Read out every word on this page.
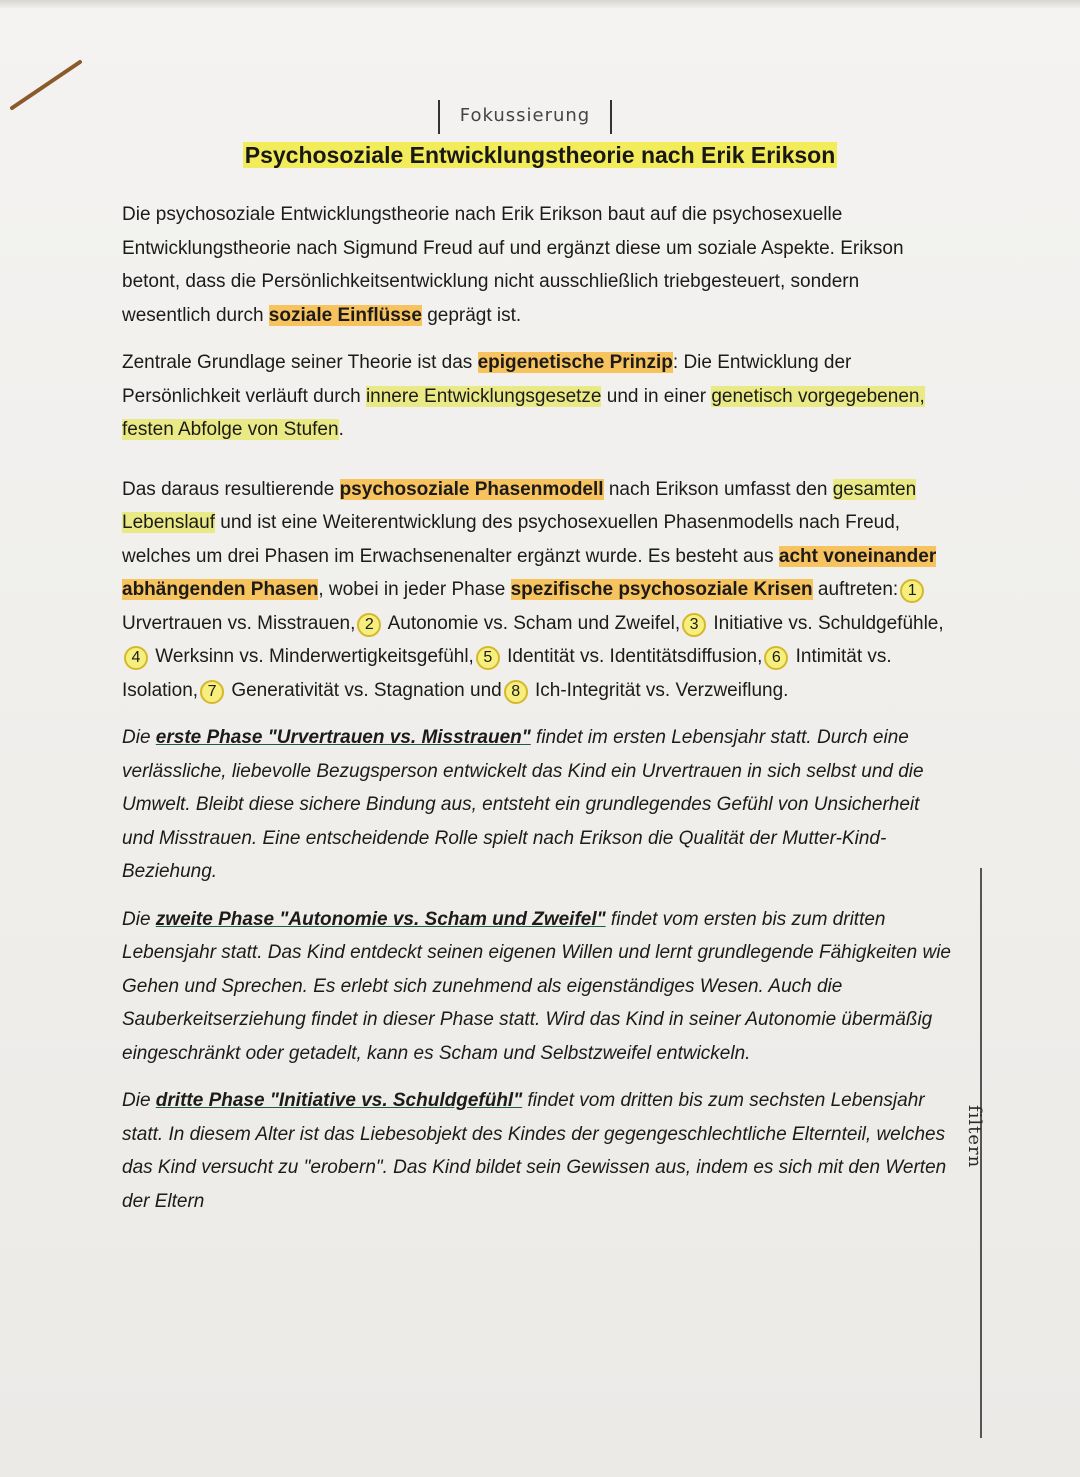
Fokussierung
Psychosoziale Entwicklungstheorie nach Erik Erikson

Die psychosoziale Entwicklungstheorie nach Erik Erikson baut auf die psychosexuelle Entwicklungstheorie nach Sigmund Freud auf und ergänzt diese um soziale Aspekte. Erikson betont, dass die Persönlichkeitsentwicklung nicht ausschließlich triebgesteuert, sondern wesentlich durch soziale Einflüsse geprägt ist.

Zentrale Grundlage seiner Theorie ist das epigenetische Prinzip: Die Entwicklung der Persönlichkeit verläuft durch innere Entwicklungsgesetze und in einer genetisch vorgegebenen, festen Abfolge von Stufen.

Das daraus resultierende psychosoziale Phasenmodell nach Erikson umfasst den gesamten Lebenslauf und ist eine Weiterentwicklung des psychosexuellen Phasenmodells nach Freud, welches um drei Phasen im Erwachsenenalter ergänzt wurde. Es besteht aus acht voneinander abhängenden Phasen, wobei in jeder Phase spezifische psychosoziale Krisen auftreten: 1 Urvertrauen vs. Misstrauen, 2 Autonomie vs. Scham und Zweifel, 3 Initiative vs. Schuldgefühle,4 Werksinn vs. Minderwertigkeitsgefühl, 5 Identität vs. Identitätsdiffusion, 6 Intimität vs. Isolation, 7 Generativität vs. Stagnation und 8 Ich-Integrität vs. Verzweiflung.

Die erste Phase "Urvertrauen vs. Misstrauen" findet im ersten Lebensjahr statt. Durch eine verlässliche, liebevolle Bezugsperson entwickelt das Kind ein Urvertrauen in sich selbst und die Umwelt. Bleibt diese sichere Bindung aus, entsteht ein grundlegendes Gefühl von Unsicherheit und Misstrauen. Eine entscheidende Rolle spielt nach Erikson die Qualität der Mutter-Kind-Beziehung.

Die zweite Phase "Autonomie vs. Scham und Zweifel" findet vom ersten bis zum dritten Lebensjahr statt. Das Kind entdeckt seinen eigenen Willen und lernt grundlegende Fähigkeiten wie Gehen und Sprechen. Es erlebt sich zunehmend als eigenständiges Wesen. Auch die Sauberkeitserziehung findet in dieser Phase statt. Wird das Kind in seiner Autonomie übermäßig eingeschränkt oder getadelt, kann es Scham und Selbstzweifel entwickeln.

Die dritte Phase "Initiative vs. Schuldgefühl" findet vom dritten bis zum sechsten Lebensjahr statt. In diesem Alter ist das Liebesobjekt des Kindes der gegengeschlechtliche Elternteil, welches das Kind versucht zu "erobern". Das Kind bildet sein Gewissen aus, indem es sich mit den Werten der Eltern

filtern
